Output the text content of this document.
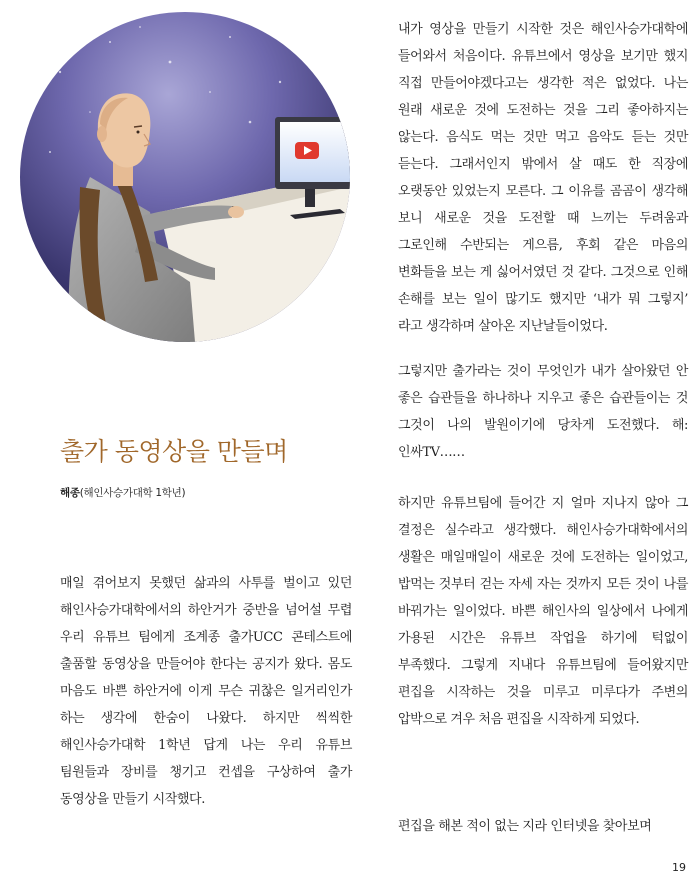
출가 동영상을 만들며
해종(해인사승가대학 1학년)

매일 겪어보지 못했던 삶과의 사투를 벌이고 있던 해인사승가대학에서의 하안거가 중반을 넘어설 무렵 우리 유튜브 팀에게 조계종 출가UCC 콘테스트에 출품할 동영상을 만들어야 한다는 공지가 왔다. 몸도 마음도 바쁜 하안거에 이게 무슨 귀찮은 일거리인가 하는 생각에 한숨이 나왔다. 하지만 씩씩한 해인사승가대학 1학년 답게 나는 우리 유튜브 팀원들과 장비를 챙기고 컨셉을 구상하여 출가 동영상을 만들기 시작했다.

내가 영상을 만들기 시작한 것은 해인사승가대학에 들어와서 처음이다. 유튜브에서 영상을 보기만 했지 직접 만들어야겠다고는 생각한 적은 없었다. 나는 원래 새로운 것에 도전하는 것을 그리 좋아하지는 않는다. 음식도 먹는 것만 먹고 음악도 듣는 것만 듣는다. 그래서인지 밖에서 살 때도 한 직장에 오랫동안 있었는지 모른다. 그 이유를 곰곰이 생각해 보니 새로운 것을 도전할 때 느끼는 두려움과 그로인해 수반되는 게으름, 후회 같은 마음의 변화들을 보는 게 싫어서였던 것 같다. 그것으로 인해 손해를 보는 일이 많기도 했지만 ‘내가 뭐 그렇지’ 라고 생각하며 살아온 지난날들이었다.

그렇지만 출가라는 것이 무엇인가 내가 살아왔던 안 좋은 습관들을 하나하나 지우고 좋은 습관들이는 것 그것이 나의 발원이기에 당차게 도전했다. 해:인싸TV……

하지만 유튜브팀에 들어간 지 얼마 지나지 않아 그 결정은 실수라고 생각했다. 해인사승가대학에서의 생활은 매일매일이 새로운 것에 도전하는 일이었고, 밥먹는 것부터 걷는 자세 자는 것까지 모든 것이 나를 바꿔가는 일이었다. 바쁜 해인사의 일상에서 나에게 가용된 시간은 유튜브 작업을 하기에 턱없이 부족했다. 그렇게 지내다 유튜브팀에 들어왔지만 편집을 시작하는 것을 미루고 미루다가 주변의 압박으로 겨우 처음 편집을 시작하게 되었다.

편집을 해본 적이 없는 지라 인터넷을 찾아보며

19
